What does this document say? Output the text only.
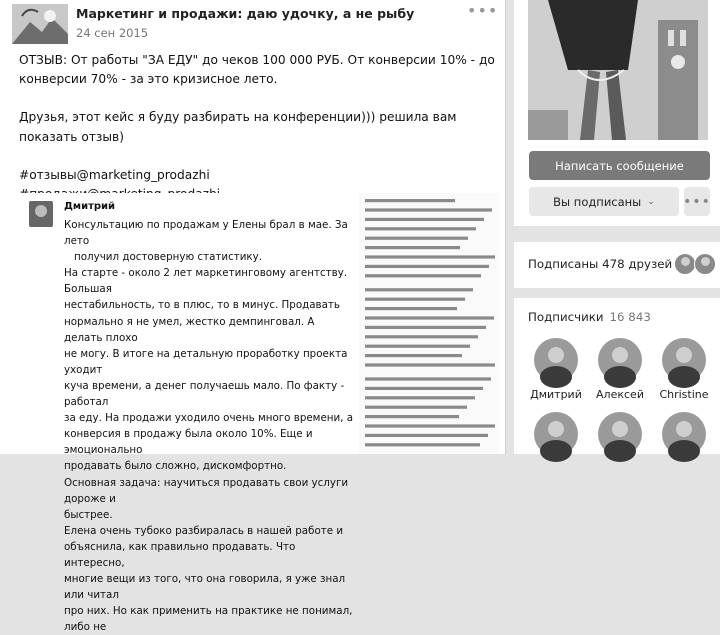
Маркетинг и продажи: даю удочку, а не рыбу
24 сен 2015
•••

ОТЗЫВ: От работы "ЗА ЕДУ" до чеков 100 000 РУБ. От конверсии 10% - до конверсии 70% - за это кризисное лето.

Друзья, этот кейс я буду разбирать на конференции))) решила вам показать отзыв)

#отзывы@marketing_prodazhi

Дмитрий
Консультацию по продажам у Елены брал в мае. За лето
получил достоверную статистику.
На старте - около 2 лет маркетинговому агентству. Большая
нестабильность, то в плюс, то в минус. Продавать
нормально я не умел, жестко демпинговал. А делать плохо
не могу. В итоге на детальную проработку проекта уходит
куча времени, а денег получаешь мало. По факту - работал
за еду. На продажи уходило очень много времени, а
конверсия в продажу была около 10%. Еще и эмоционально
продавать было сложно, дискомфортно.
Основная задача: научиться продавать свои услуги дороже и
быстрее.
Елена очень тубоко разбиралась в нашей работе и
объяснила, как правильно продавать. Что интересно,
многие вещи из того, что она говорила, я уже знал или читал
про них. Но как применить на практике не понимал, либо не
Написать сообщение
Вы подписаны ⌄ •••
Подписаны 478 друзей
Подписчики 16 843
Дмитрий	Алексей	Christine
